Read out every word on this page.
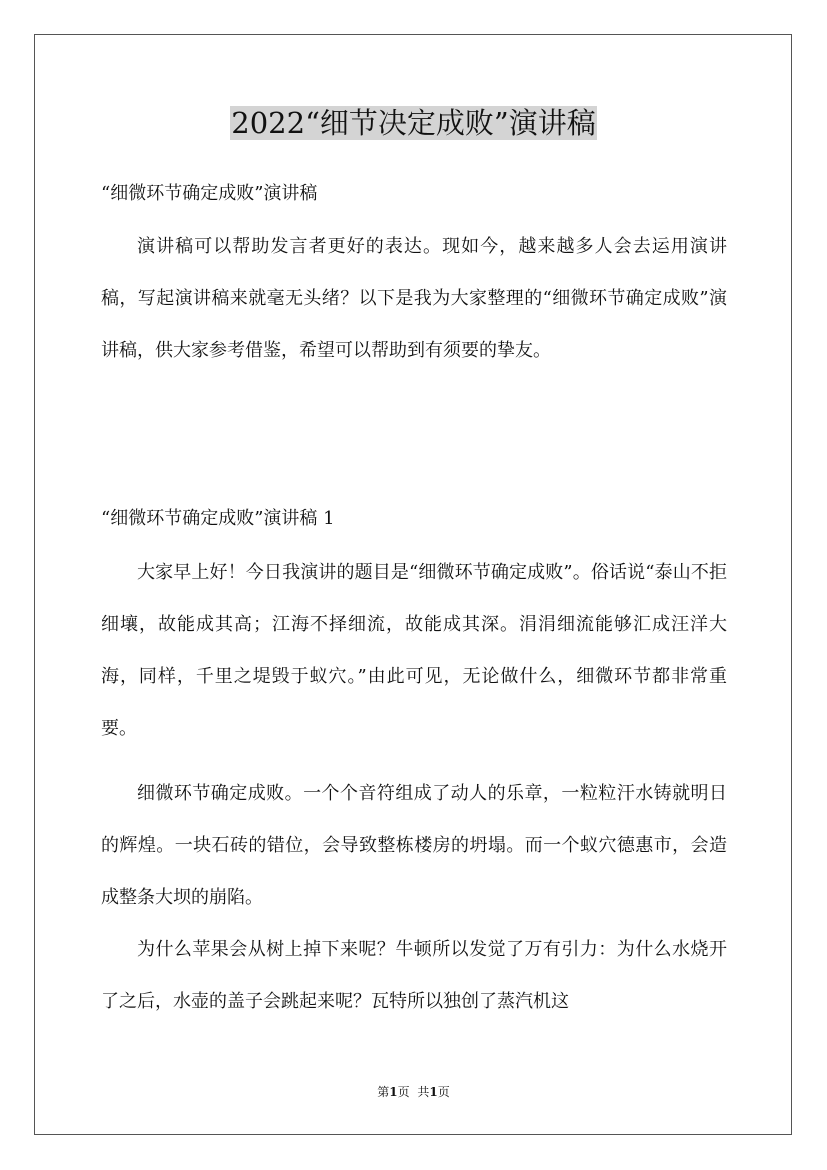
2022“细节决定成败”演讲稿
“细微环节确定成败”演讲稿
演讲稿可以帮助发言者更好的表达。现如今，越来越多人会去运用演讲稿，写起演讲稿来就毫无头绪？以下是我为大家整理的“细微环节确定成败”演讲稿，供大家参考借鉴，希望可以帮助到有须要的挚友。
“细微环节确定成败”演讲稿 1
大家早上好！今日我演讲的题目是“细微环节确定成败”。俗话说“泰山不拒细壤，故能成其高；江海不择细流，故能成其深。涓涓细流能够汇成汪洋大海，同样，千里之堤毁于蚁穴。”由此可见，无论做什么，细微环节都非常重要。
细微环节确定成败。一个个音符组成了动人的乐章，一粒粒汗水铸就明日的辉煌。一块石砖的错位，会导致整栋楼房的坍塌。而一个蚁穴德惠市，会造成整条大坝的崩陷。
为什么苹果会从树上掉下来呢？牛顿所以发觉了万有引力：为什么水烧开了之后，水壶的盖子会跳起来呢？瓦特所以独创了蒸汽机这
第1页 共1页
